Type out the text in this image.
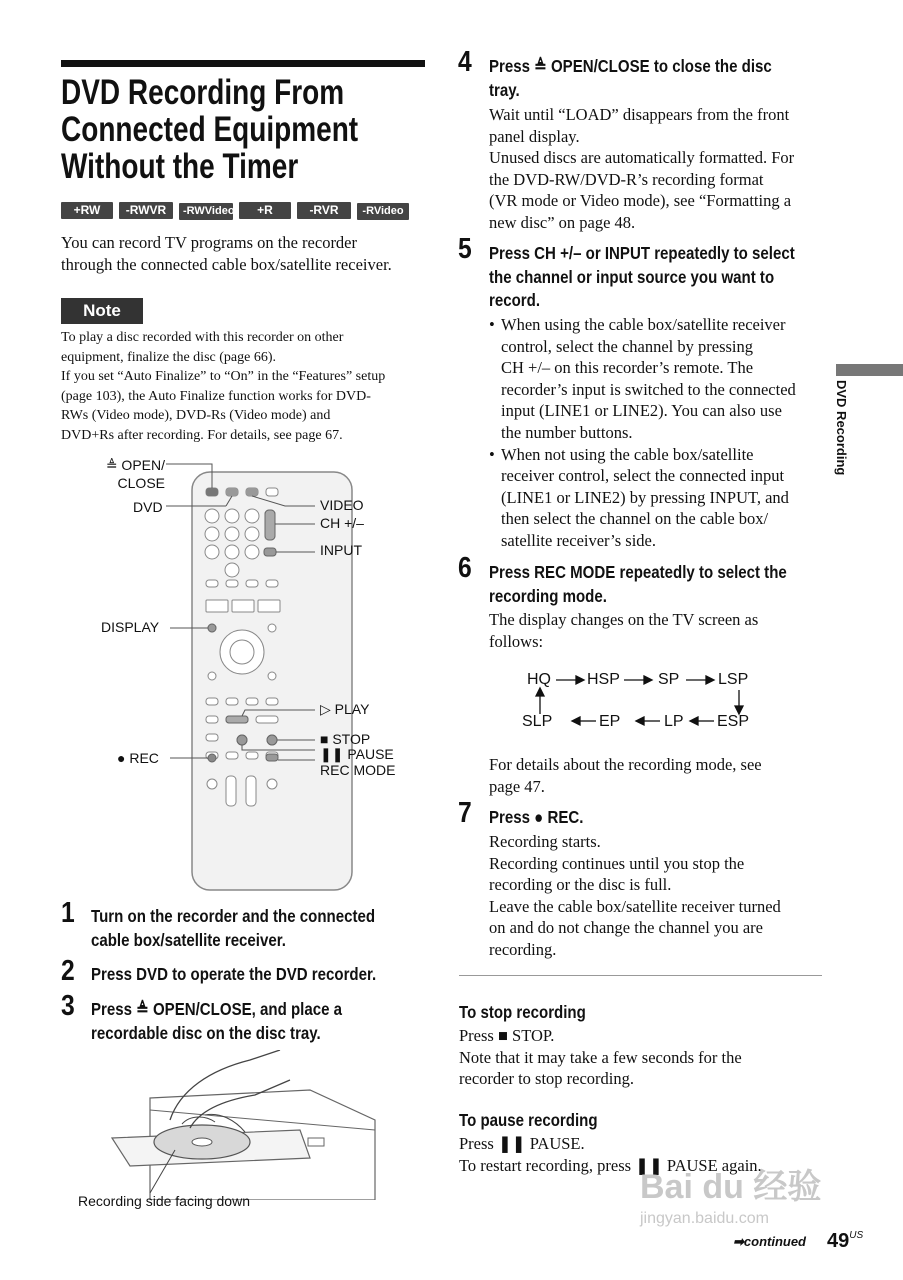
DVD Recording From
Connected Equipment
Without the Timer
+RW -RWVR -RWVideo +R	-RVR -RVideo
You can record TV programs on the recorder
through the connected cable box/satellite receiver.
Note
To play a disc recorded with this recorder on other
equipment, finalize the disc (page 66).
If you set “Auto Finalize” to “On” in the “Features” setup
(page 103), the Auto Finalize function works for DVD-
RWs (Video mode), DVD-Rs (Video mode) and
DVD+Rs after recording. For details, see page 67.
≜ OPEN/
CLOSE
DVD	VIDEO
CH +/–
INPUT
DISPLAY
▷ PLAY
■ STOP
❚❚ PAUSE
REC MODE
● REC
1 Turn on the recorder and the connected
cable box/satellite receiver.
2 Press DVD to operate the DVD recorder.
3 Press ≜ OPEN/CLOSE, and place a
recordable disc on the disc tray.
Recording side facing down
4 Press ≜ OPEN/CLOSE to close the disc
tray.
Wait until “LOAD” disappears from the front
panel display.
Unused discs are automatically formatted. For
the DVD-RW/DVD-R’s recording format
(VR mode or Video mode), see “Formatting a
new disc” on page 48.
5 Press CH +/– or INPUT repeatedly to select
the channel or input source you want to
record.
• When using the cable box/satellite receiver
control, select the channel by pressing
CH +/– on this recorder’s remote. The
recorder’s input is switched to the connected
input (LINE1 or LINE2). You can also use
the number buttons.
• When not using the cable box/satellite
receiver control, select the connected input
(LINE1 or LINE2) by pressing INPUT, and
then select the channel on the cable box/
satellite receiver’s side.
6 Press REC MODE repeatedly to select the
recording mode.
The display changes on the TV screen as
follows:
HQ HSP SP LSP
SLP	EP	LP ESP
For details about the recording mode, see
page 47.
7 Press ● REC.
Recording starts.
Recording continues until you stop the
recording or the disc is full.
Leave the cable box/satellite receiver turned
on and do not change the channel you are
recording.
To stop recording
Press ■ STOP.
Note that it may take a few seconds for the
recorder to stop recording.
To pause recording
Press ❚❚ PAUSE.
To restart recording, press ❚❚ PAUSE again.
DVD Recording
Bai du 经验
jingyan.baidu.com
➡continued $49^{US}$
